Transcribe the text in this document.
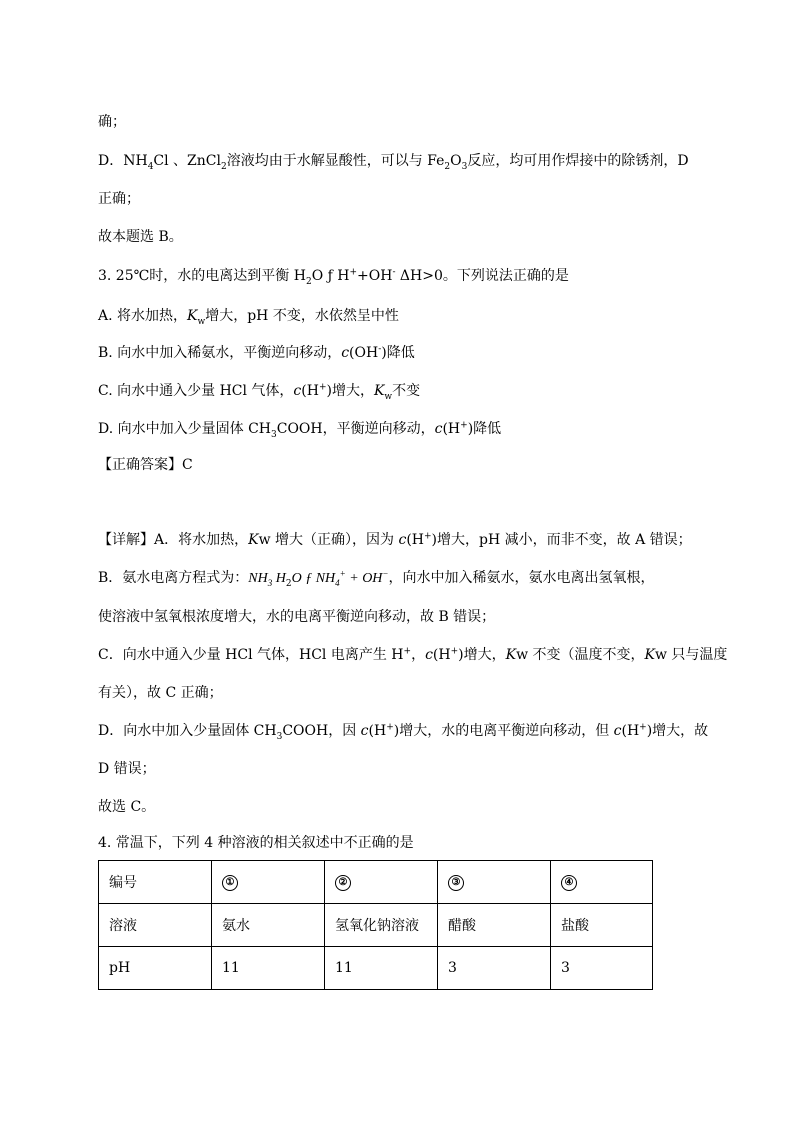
确；
D．$NH_4Cl$ 、ZnCl$_2$溶液均由于水解显酸性，可以与 $Fe_2O_3$反应，均可用作焊接中的除锈剂，D
正确；
故本题选 B。
3. 25℃时，水的电离达到平衡 $H_2O$ ƒ H++OH- ΔH>0。下列说法正确的是
A. 将水加热，$K_w$增大，pH 不变，水依然呈中性
B. 向水中加入稀氨水，平衡逆向移动，c(OH-)降低
C. 向水中通入少量 HCl 气体，c(H+)增大，$K_w$不变
D. 向水中加入少量固体 $CH_3COOH$，平衡逆向移动，c(H+)降低
【正确答案】C
【详解】A．将水加热，Kw 增大（正确），因为 c(H+)增大，pH 减小，而非不变，故 A 错误；
B．氨水电离方程式为：$NH_3$ $H_2O$ ƒ $NH_4^+ + OH^-$，向水中加入稀氨水，氨水电离出氢氧根，
使溶液中氢氧根浓度增大，水的电离平衡逆向移动，故 B 错误；
C．向水中通入少量 HCl 气体，HCl 电离产生 H+，c(H+)增大，Kw 不变（温度不变，Kw 只与温度
有关），故 C 正确；
D．向水中加入少量固体 $CH_3COOH$，因 c(H+)增大，水的电离平衡逆向移动，但 c(H+)增大，故
D 错误；
故选 C。
4. 常温下，下列 4 种溶液的相关叙述中不正确的是
编号	①	②	③	④
溶液	氨水	氢氧化钠溶液	醋酸	盐酸
pH	11	11	3	3
